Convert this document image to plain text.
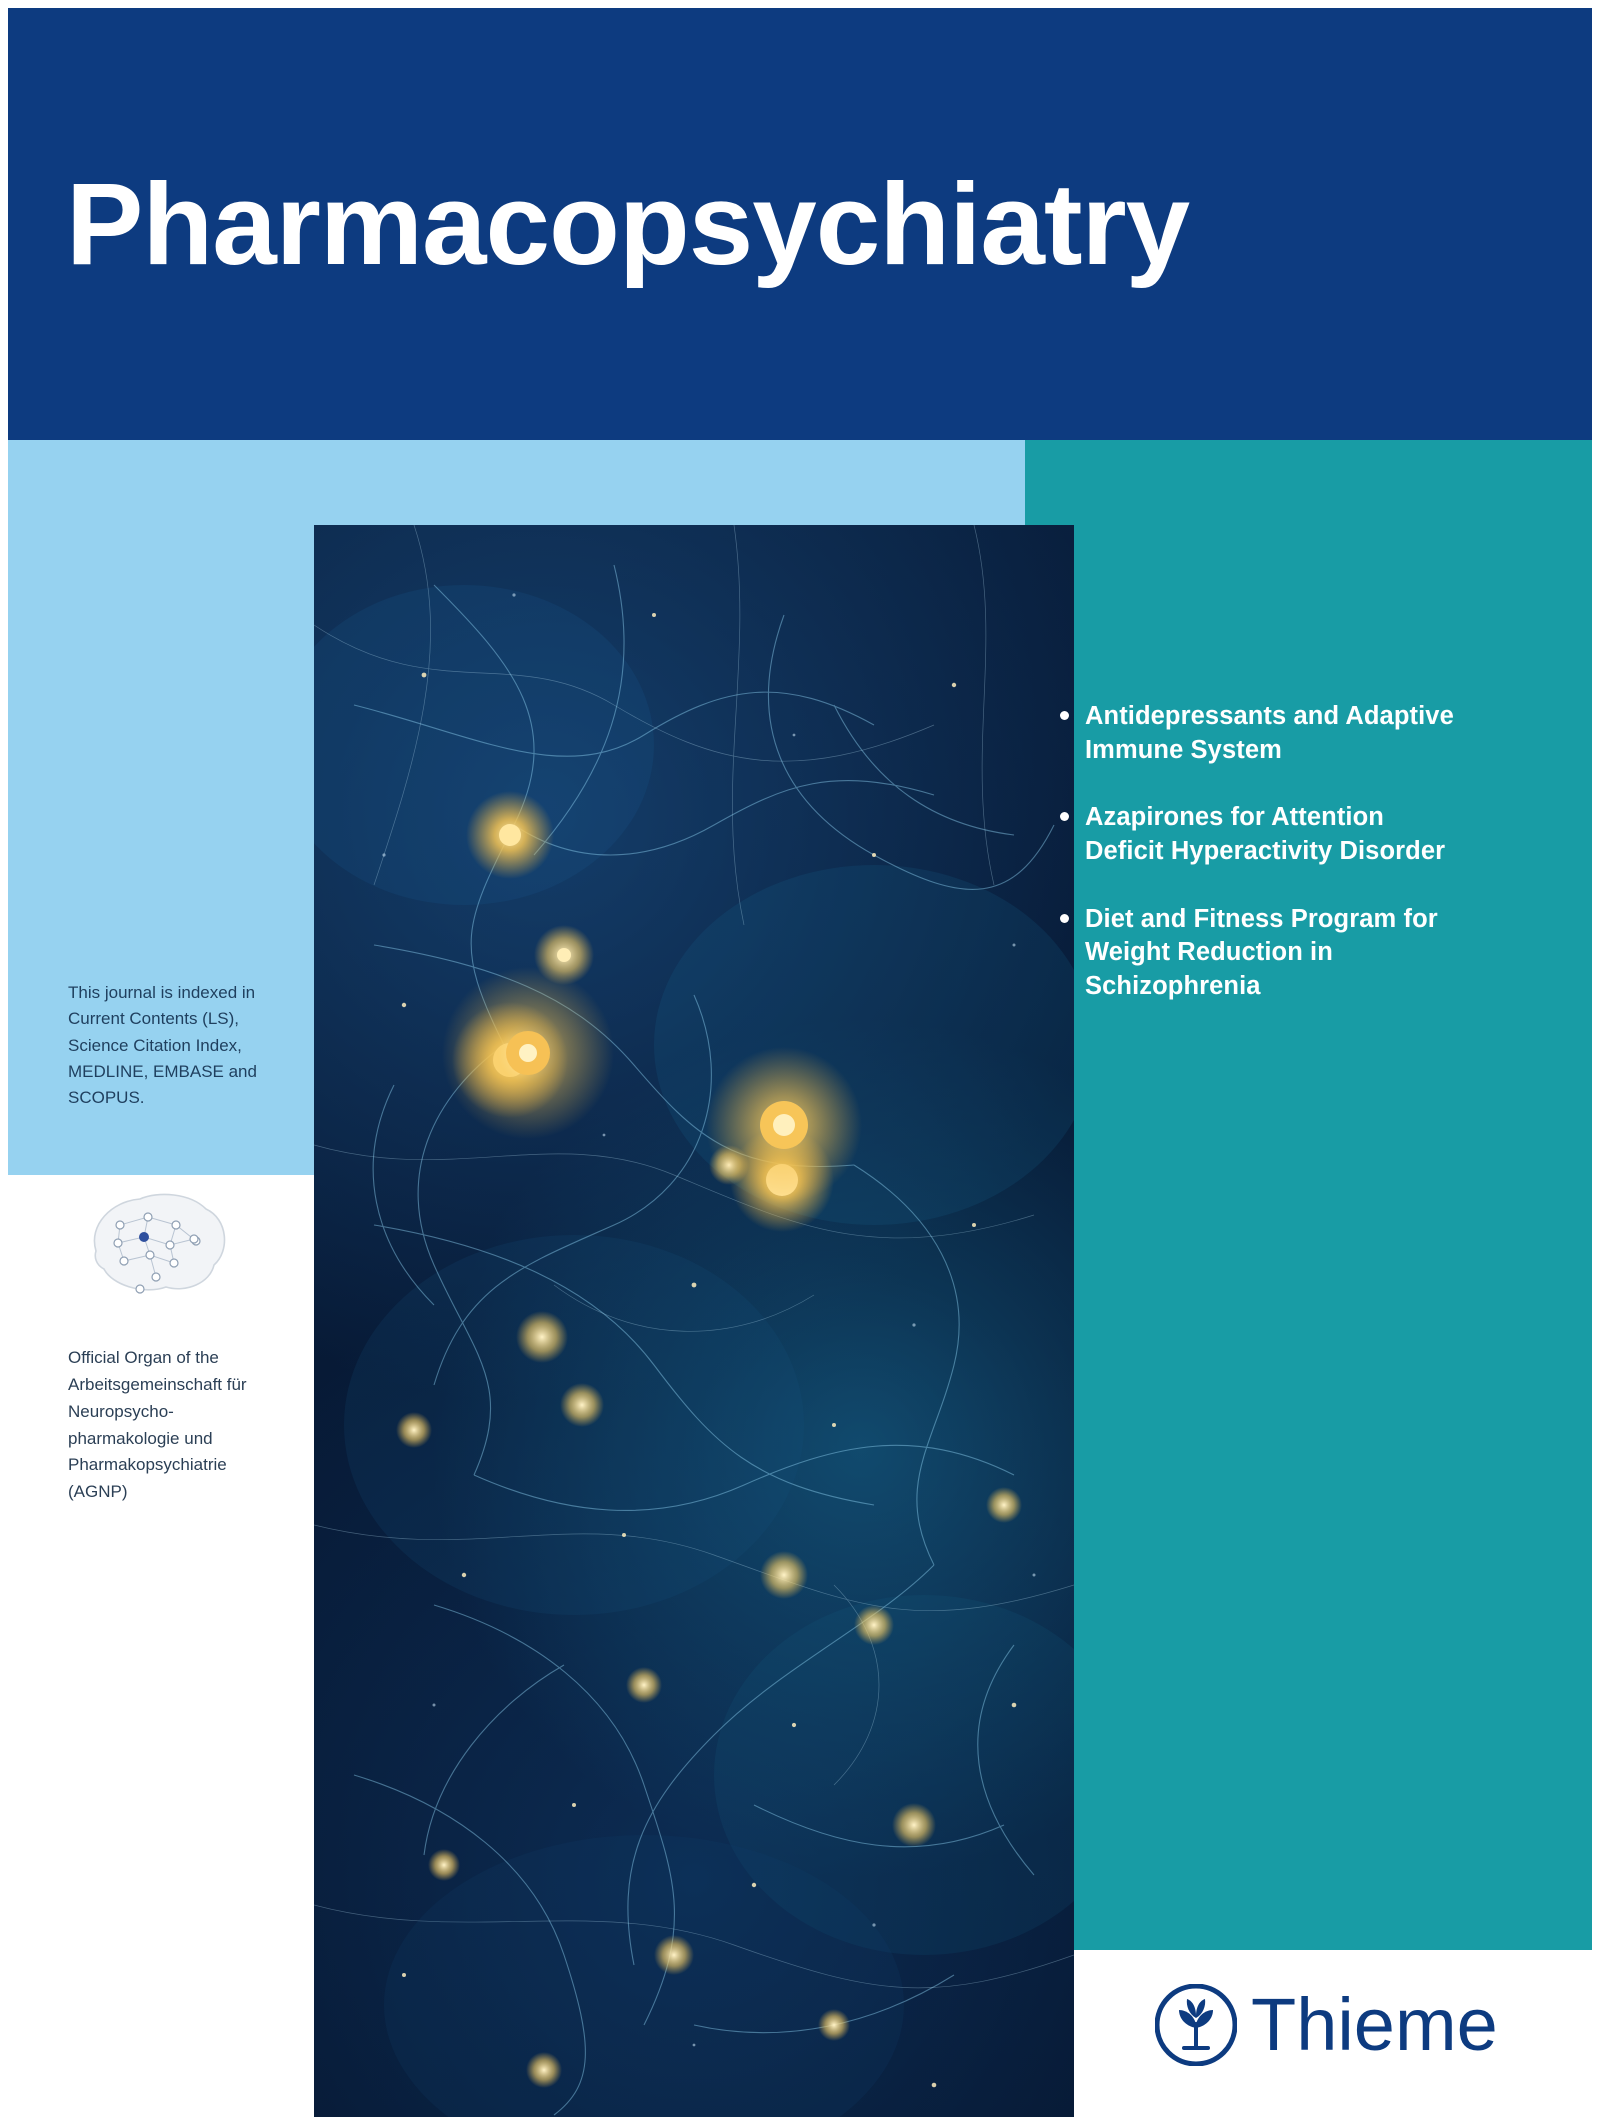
Pharmacopsychiatry
Antidepressants and Adaptive Immune System
Azapirones for Attention Deficit Hyperactivity Disorder
Diet and Fitness Program for Weight Reduction in Schizophrenia
This journal is indexed in Current Contents (LS), Science Citation Index, MEDLINE, EMBASE and SCOPUS.
Official Organ of the Arbeitsgemeinschaft für Neuropsycho-pharmakologie und Pharmakopsychiatrie (AGNP)
Thieme
